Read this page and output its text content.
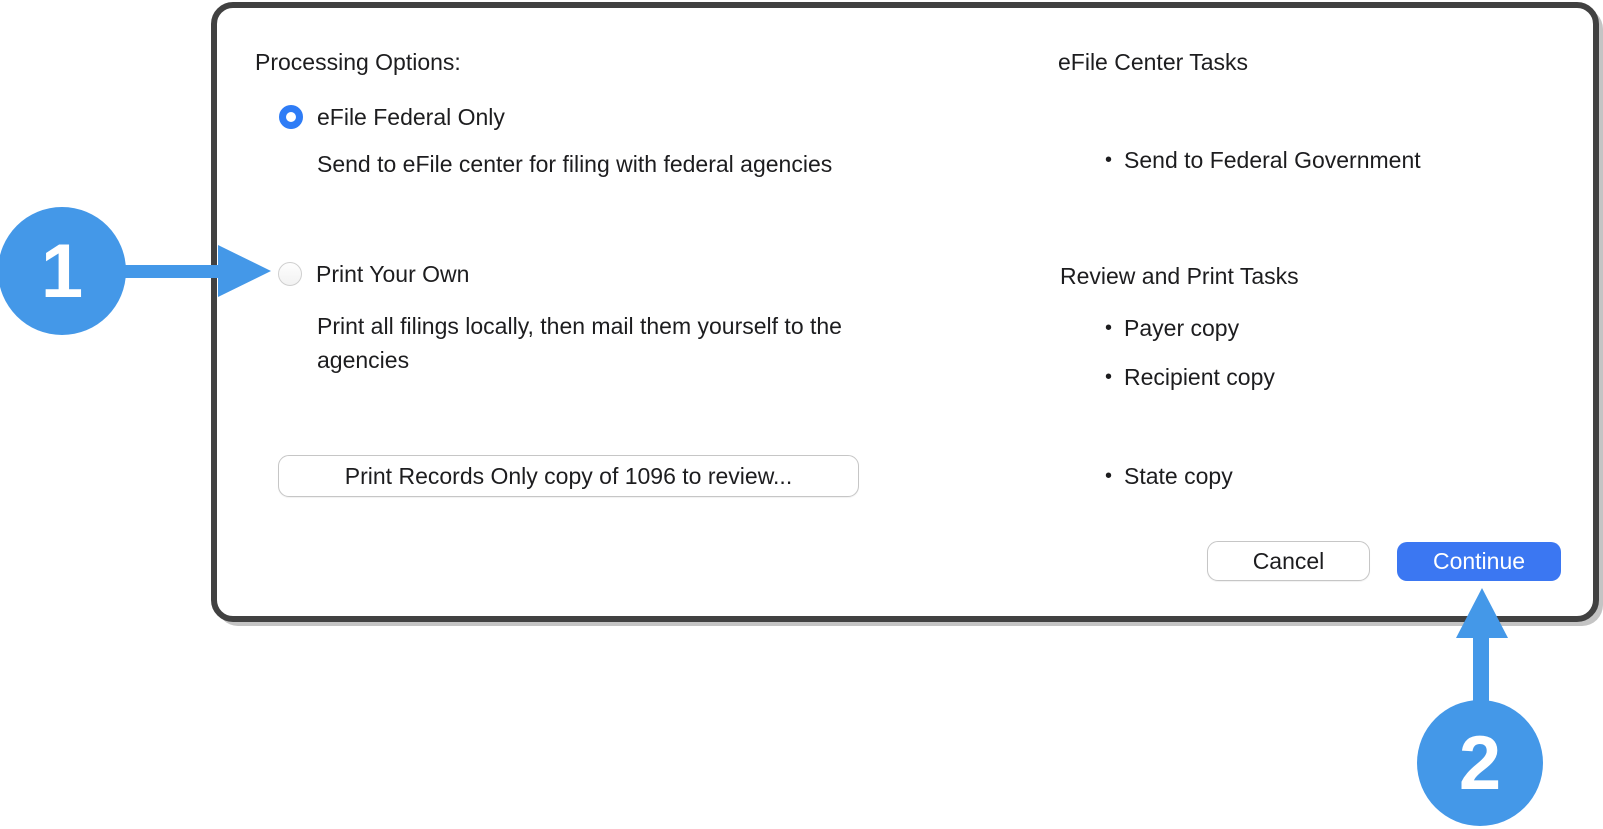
Processing Options:
eFile Federal Only
Send to eFile center for filing with federal agencies
Print Your Own
Print all filings locally, then mail them yourself to the agencies
Print Records Only copy of 1096 to review...
eFile Center Tasks
• Send to Federal Government
Review and Print Tasks
• Payer copy
• Recipient copy
• State copy
Cancel	Continue
1
2
